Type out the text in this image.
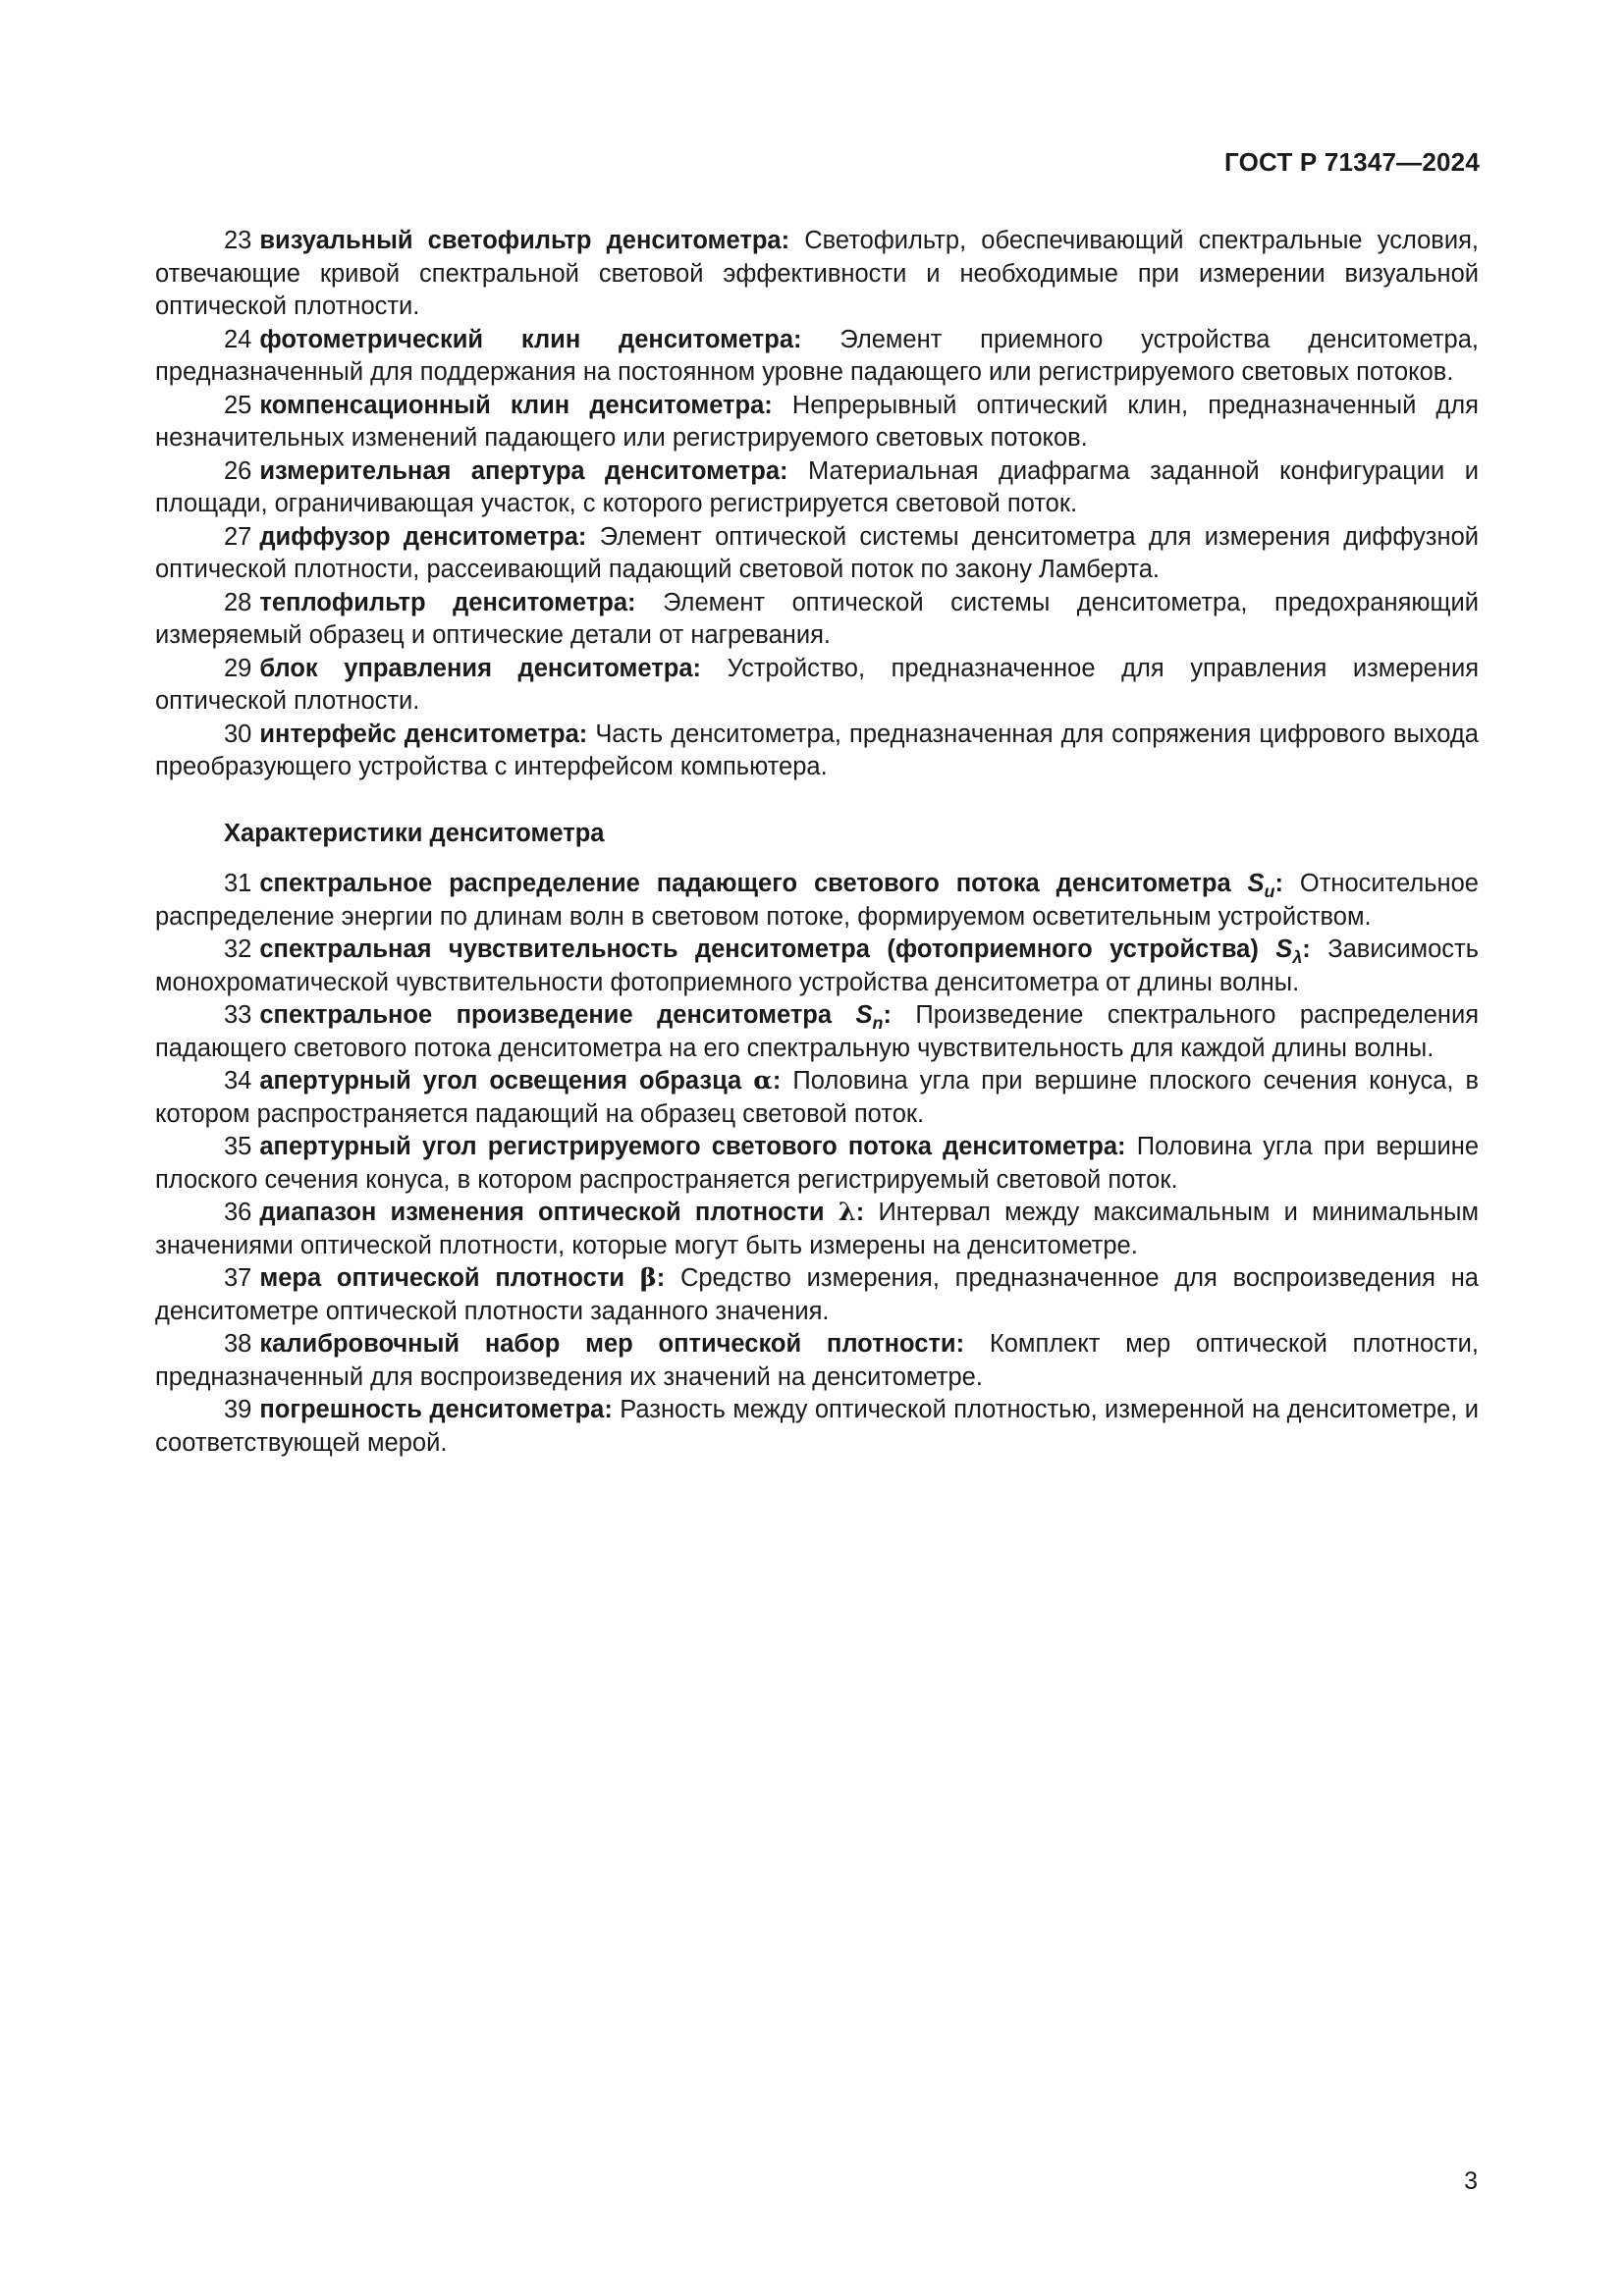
ГОСТ Р 71347—2024

23 визуальный светофильтр денситометра: Светофильтр, обеспечивающий спектральные условия, отвечающие кривой спектральной световой эффективности и необходимые при измерении визуальной оптической плотности.

24 фотометрический клин денситометра: Элемент приемного устройства денситометра, предназначенный для поддержания на постоянном уровне падающего или регистрируемого световых потоков.

25 компенсационный клин денситометра: Непрерывный оптический клин, предназначенный для незначительных изменений падающего или регистрируемого световых потоков.

26 измерительная апертура денситометра: Материальная диафрагма заданной конфигурации и площади, ограничивающая участок, с которого регистрируется световой поток.

27 диффузор денситометра: Элемент оптической системы денситометра для измерения диффузной оптической плотности, рассеивающий падающий световой поток по закону Ламберта.

28 теплофильтр денситометра: Элемент оптической системы денситометра, предохраняющий измеряемый образец и оптические детали от нагревания.

29 блок управления денситометра: Устройство, предназначенное для управления измерения оптической плотности.

30 интерфейс денситометра: Часть денситометра, предназначенная для сопряжения цифрового выхода преобразующего устройства с интерфейсом компьютера.

Характеристики денситометра

31 спектральное распределение падающего светового потока денситометра $S_u$: Относительное распределение энергии по длинам волн в световом потоке, формируемом осветительным устройством.

32 спектральная чувствительность денситометра (фотоприемного устройства) $S_\lambda$: Зависимость монохроматической чувствительности фотоприемного устройства денситометра от длины волны.

33 спектральное произведение денситометра $S_n$: Произведение спектрального распределения падающего светового потока денситометра на его спектральную чувствительность для каждой длины волны.

34 апертурный угол освещения образца α: Половина угла при вершине плоского сечения конуса, в котором распространяется падающий на образец световой поток.

35 апертурный угол регистрируемого светового потока денситометра: Половина угла при вершине плоского сечения конуса, в котором распространяется регистрируемый световой поток.

36 диапазон изменения оптической плотности λ: Интервал между максимальным и минимальным значениями оптической плотности, которые могут быть измерены на денситометре.

37 мера оптической плотности β: Средство измерения, предназначенное для воспроизведения на денситометре оптической плотности заданного значения.

38 калибровочный набор мер оптической плотности: Комплект мер оптической плотности, предназначенный для воспроизведения их значений на денситометре.

39 погрешность денситометра: Разность между оптической плотностью, измеренной на денситометре, и соответствующей мерой.

3
